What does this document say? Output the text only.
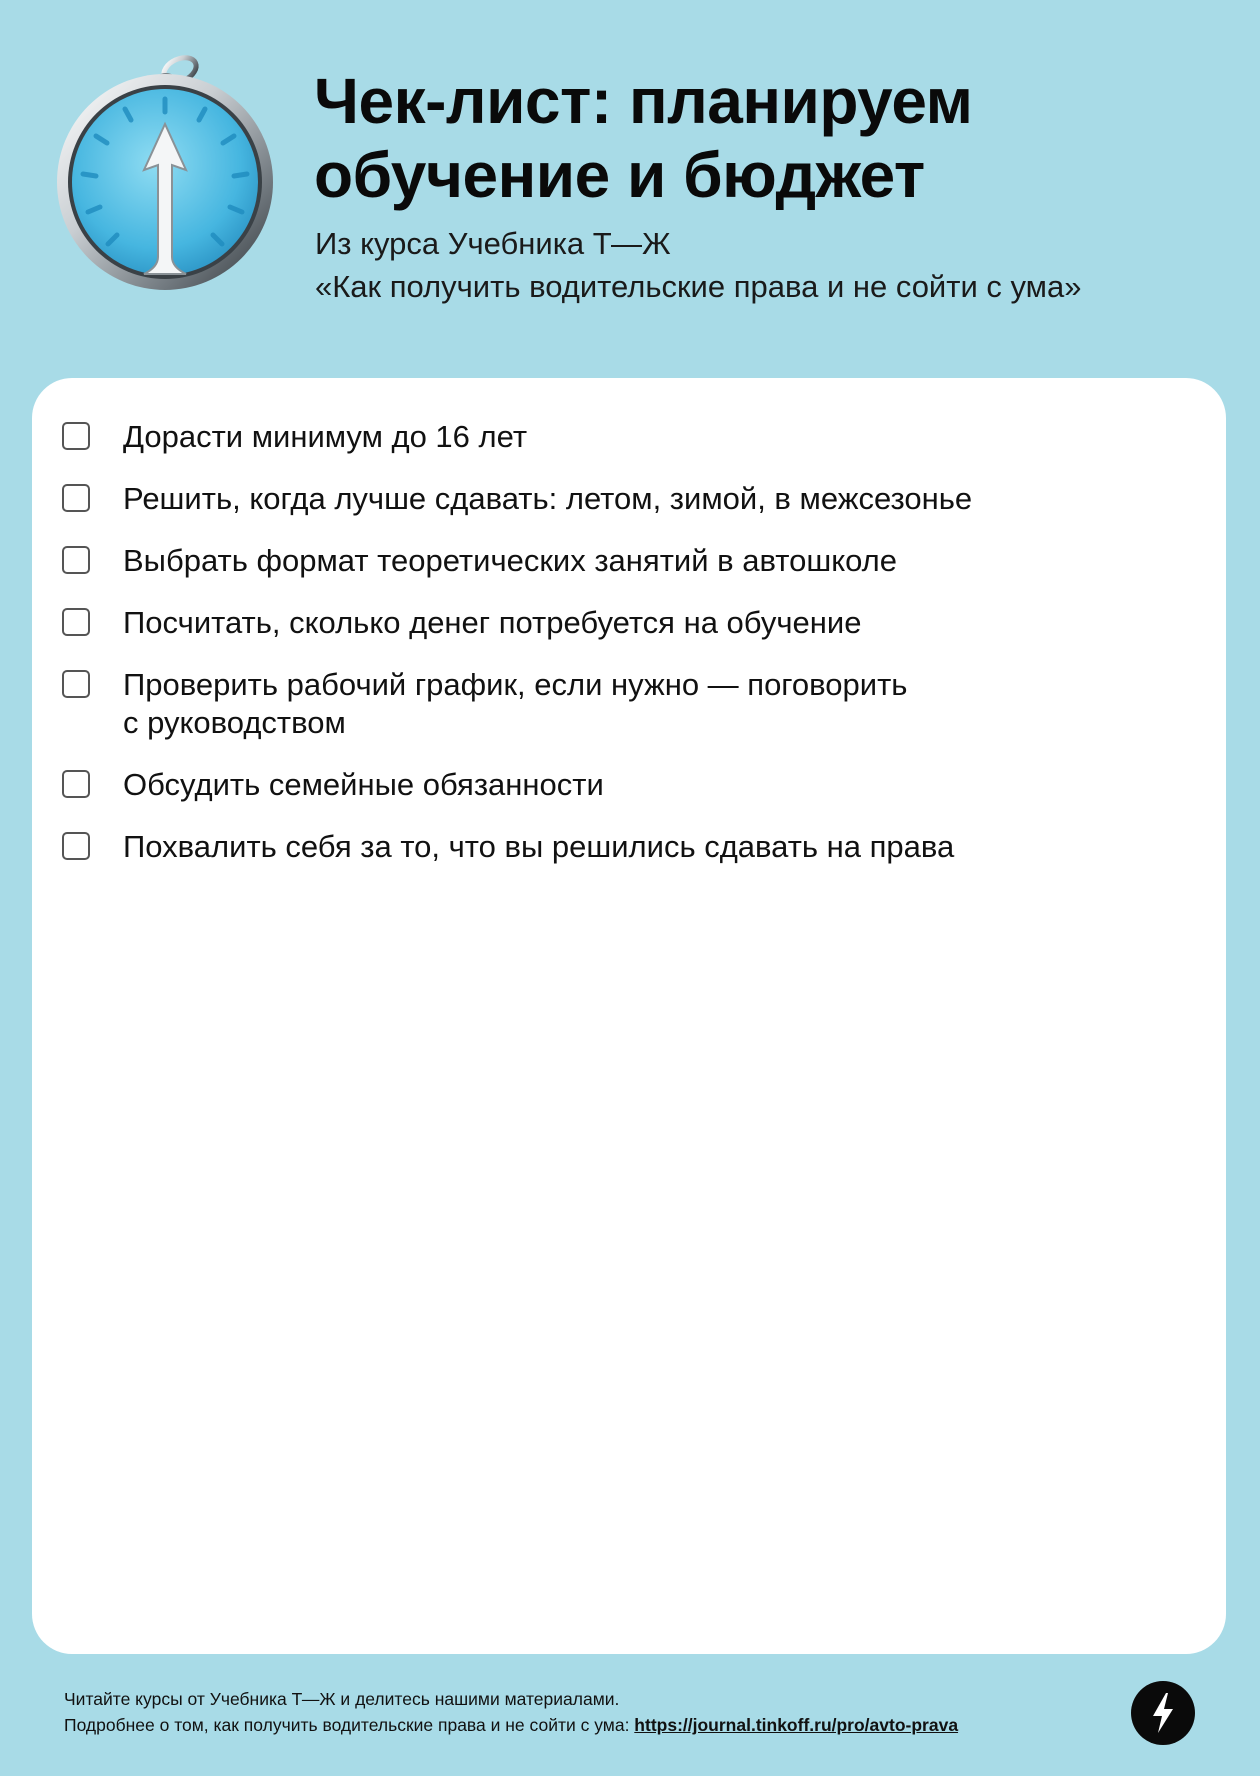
Чек-лист: планируем
обучение и бюджет
Из курса Учебника Т—Ж
«Как получить водительские права и не сойти с ума»
Дорасти минимум до 16 лет
Решить, когда лучше сдавать: летом, зимой, в межсезонье
Выбрать формат теоретических занятий в автошколе
Посчитать, сколько денег потребуется на обучение
Проверить рабочий график, если нужно — поговорить
с руководством
Обсудить семейные обязанности
Похвалить себя за то, что вы решились сдавать на права
Читайте курсы от Учебника Т—Ж и делитесь нашими материалами.
Подробнее о том, как получить водительские права и не сойти с ума: https://journal.tinkoff.ru/pro/avto-prava
